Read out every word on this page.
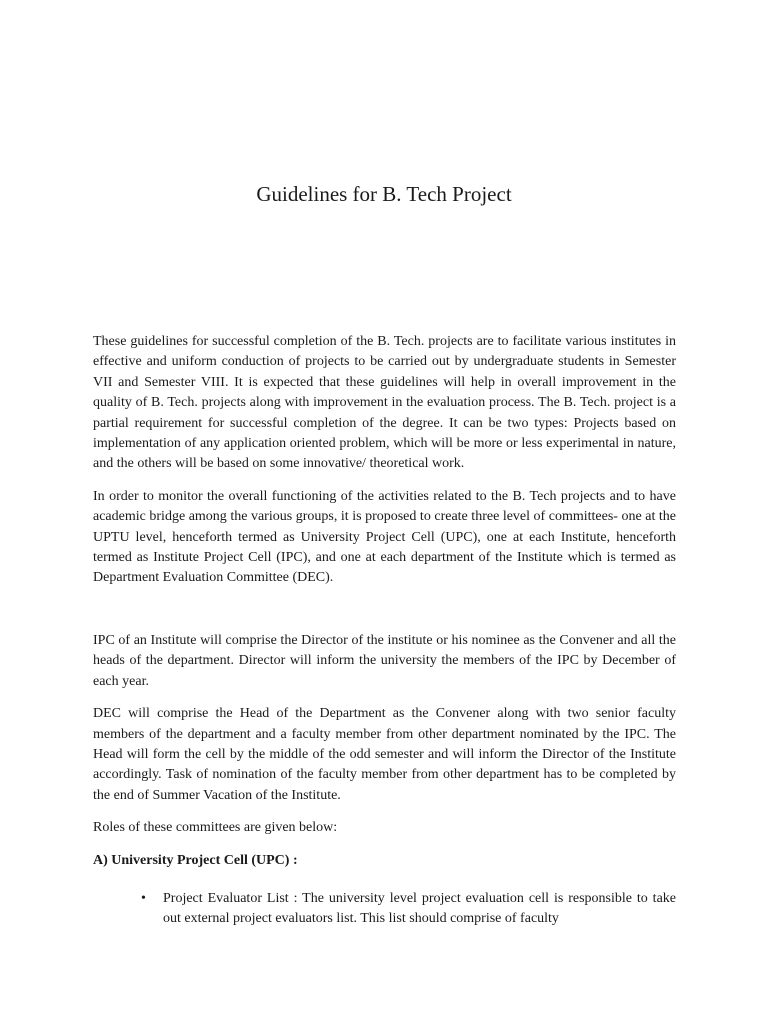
Guidelines for B. Tech Project

These guidelines for successful completion of the B. Tech. projects are to facilitate various institutes in effective and uniform conduction of projects to be carried out by undergraduate students in Semester VII and Semester VIII. It is expected that these guidelines will help in overall improvement in the quality of B. Tech. projects along with improvement in the evaluation process. The B. Tech. project is a partial requirement for successful completion of the degree. It can be two types: Projects based on implementation of any application oriented problem, which will be more or less experimental in nature, and the others will be based on some innovative/ theoretical work.

In order to monitor the overall functioning of the activities related to the B. Tech projects and to have academic bridge among the various groups, it is proposed to create three level of committees- one at the UPTU level, henceforth termed as University Project Cell (UPC), one at each Institute, henceforth termed as Institute Project Cell (IPC), and one at each department of the Institute which is termed as Department Evaluation Committee (DEC).

IPC of an Institute will comprise the Director of the institute or his nominee as the Convener and all the heads of the department. Director will inform the university the members of the IPC by December of each year.

DEC will comprise the Head of the Department as the Convener along with two senior faculty members of the department and a faculty member from other department nominated by the IPC. The Head will form the cell by the middle of the odd semester and will inform the Director of the Institute accordingly. Task of nomination of the faculty member from other department has to be completed by the end of Summer Vacation of the Institute.

Roles of these committees are given below:

A) University Project Cell (UPC) :
• Project Evaluator List : The university level project evaluation cell is responsible to take out external project evaluators list. This list should comprise of faculty
